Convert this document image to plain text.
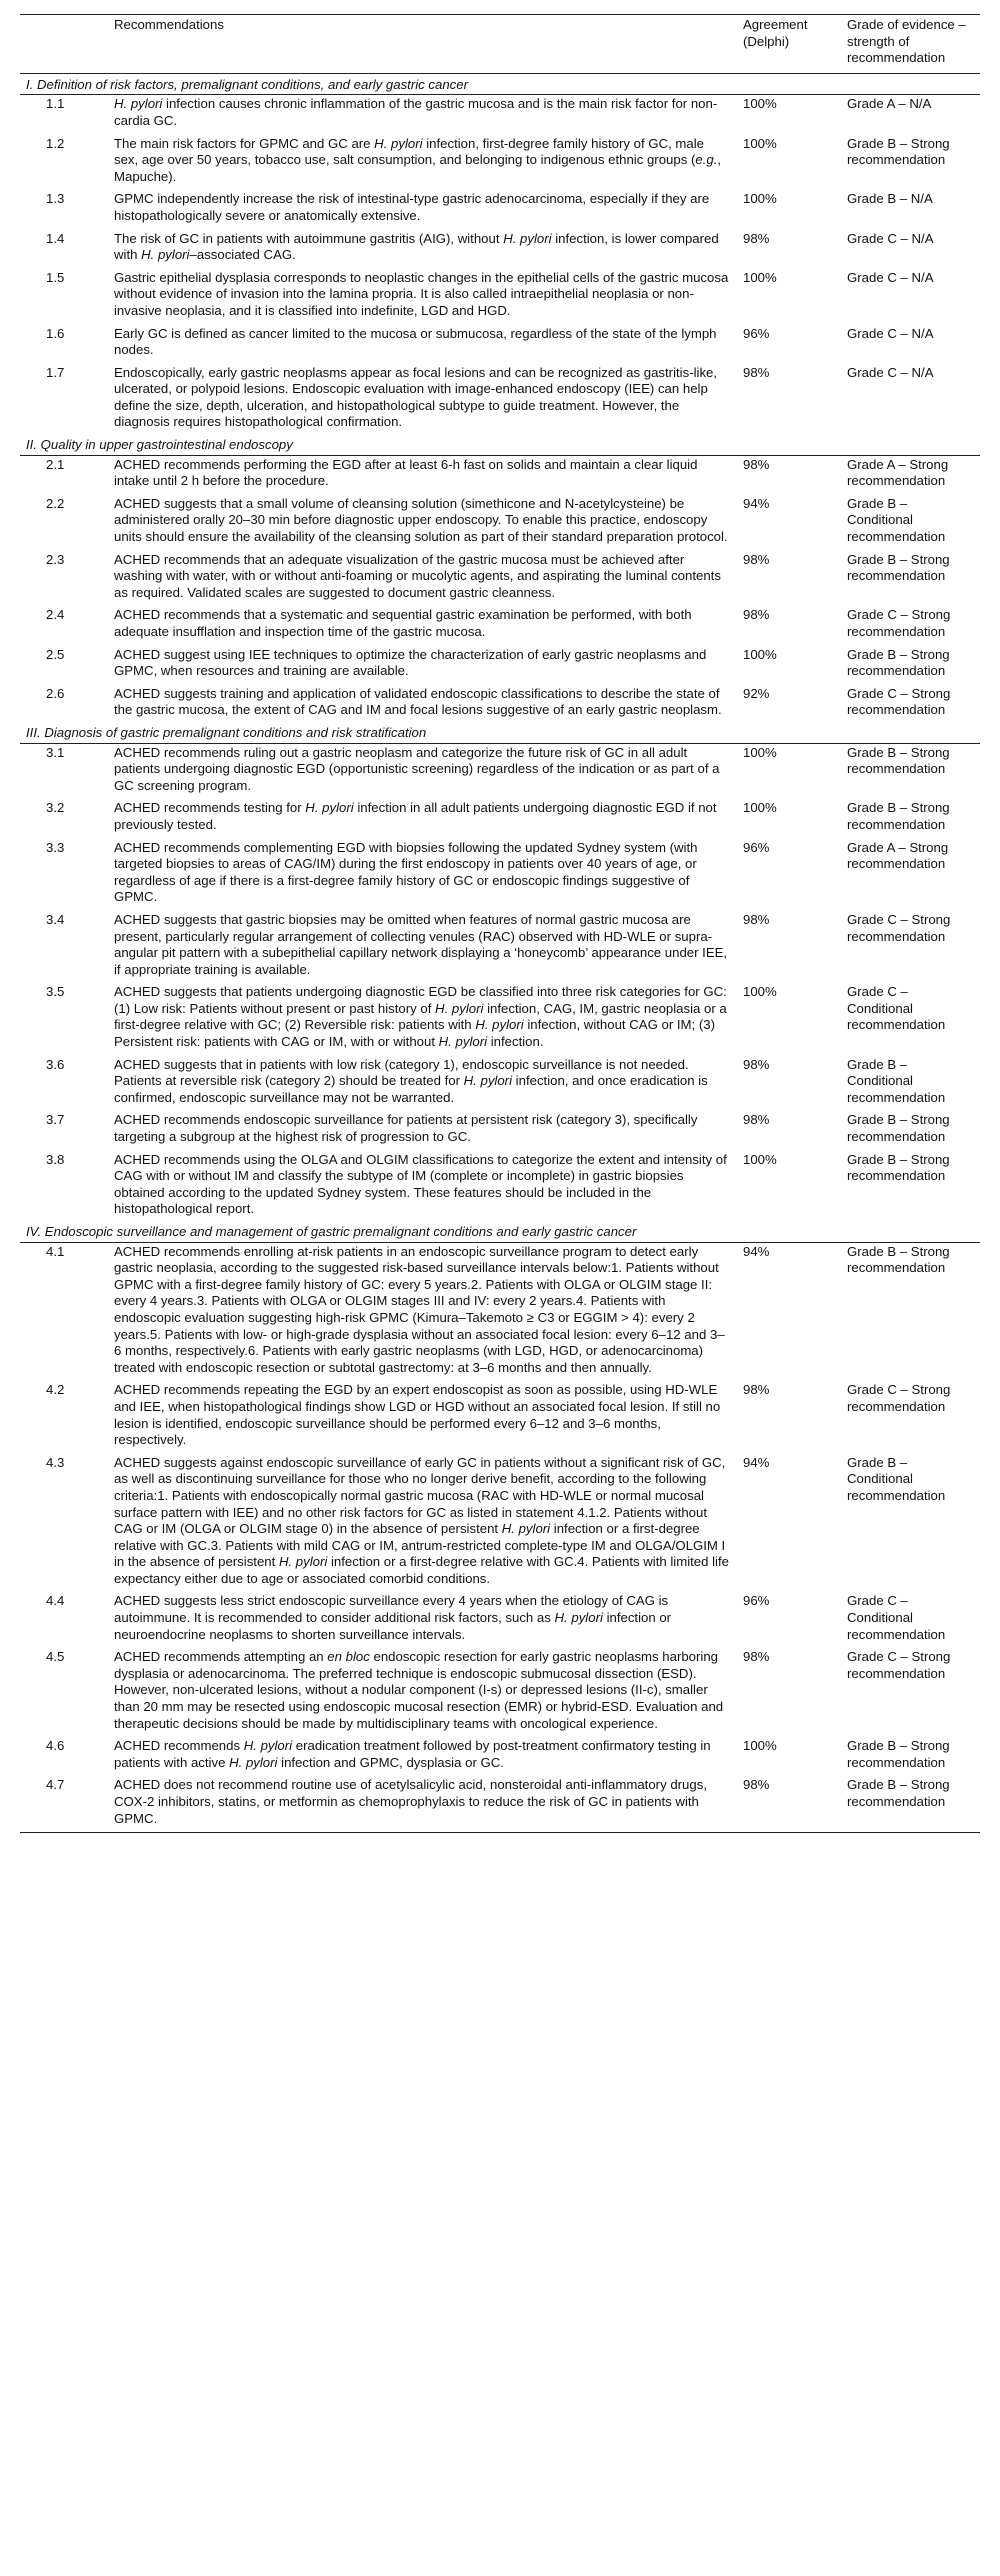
	Recommendations	Agreement (Delphi)	Grade of evidence – strength of recommendation
I. Definition of risk factors, premalignant conditions, and early gastric cancer			
1.1	H. pylori infection causes chronic inflammation of the gastric mucosa and is the main risk factor for non-cardia GC.	100%	Grade A – N/A
1.2	The main risk factors for GPMC and GC are H. pylori infection, first-degree family history of GC, male sex, age over 50 years, tobacco use, salt consumption, and belonging to indigenous ethnic groups (e.g., Mapuche).	100%	Grade B – Strong recommendation
1.3	GPMC independently increase the risk of intestinal-type gastric adenocarcinoma, especially if they are histopathologically severe or anatomically extensive.	100%	Grade B – N/A
1.4	The risk of GC in patients with autoimmune gastritis (AIG), without H. pylori infection, is lower compared with H. pylori–associated CAG.	98%	Grade C – N/A
1.5	Gastric epithelial dysplasia corresponds to neoplastic changes in the epithelial cells of the gastric mucosa without evidence of invasion into the lamina propria. It is also called intraepithelial neoplasia or non-invasive neoplasia, and it is classified into indefinite, LGD and HGD.	100%	Grade C – N/A
1.6	Early GC is defined as cancer limited to the mucosa or submucosa, regardless of the state of the lymph nodes.	96%	Grade C – N/A
1.7	Endoscopically, early gastric neoplasms appear as focal lesions and can be recognized as gastritis-like, ulcerated, or polypoid lesions. Endoscopic evaluation with image-enhanced endoscopy (IEE) can help define the size, depth, ulceration, and histopathological subtype to guide treatment. However, the diagnosis requires histopathological confirmation.	98%	Grade C – N/A
II. Quality in upper gastrointestinal endoscopy			
2.1	ACHED recommends performing the EGD after at least 6-h fast on solids and maintain a clear liquid intake until 2 h before the procedure.	98%	Grade A – Strong recommendation
2.2	ACHED suggests that a small volume of cleansing solution (simethicone and N-acetylcysteine) be administered orally 20–30 min before diagnostic upper endoscopy. To enable this practice, endoscopy units should ensure the availability of the cleansing solution as part of their standard preparation protocol.	94%	Grade B – Conditional recommendation
2.3	ACHED recommends that an adequate visualization of the gastric mucosa must be achieved after washing with water, with or without anti-foaming or mucolytic agents, and aspirating the luminal contents as required. Validated scales are suggested to document gastric cleanness.	98%	Grade B – Strong recommendation
2.4	ACHED recommends that a systematic and sequential gastric examination be performed, with both adequate insufflation and inspection time of the gastric mucosa.	98%	Grade C – Strong recommendation
2.5	ACHED suggest using IEE techniques to optimize the characterization of early gastric neoplasms and GPMC, when resources and training are available.	100%	Grade B – Strong recommendation
2.6	ACHED suggests training and application of validated endoscopic classifications to describe the state of the gastric mucosa, the extent of CAG and IM and focal lesions suggestive of an early gastric neoplasm.	92%	Grade C – Strong recommendation
III. Diagnosis of gastric premalignant conditions and risk stratification			
3.1	ACHED recommends ruling out a gastric neoplasm and categorize the future risk of GC in all adult patients undergoing diagnostic EGD (opportunistic screening) regardless of the indication or as part of a GC screening program.	100%	Grade B – Strong recommendation
3.2	ACHED recommends testing for H. pylori infection in all adult patients undergoing diagnostic EGD if not previously tested.	100%	Grade B – Strong recommendation
3.3	ACHED recommends complementing EGD with biopsies following the updated Sydney system (with targeted biopsies to areas of CAG/IM) during the first endoscopy in patients over 40 years of age, or regardless of age if there is a first-degree family history of GC or endoscopic findings suggestive of GPMC.	96%	Grade A – Strong recommendation
3.4	ACHED suggests that gastric biopsies may be omitted when features of normal gastric mucosa are present, particularly regular arrangement of collecting venules (RAC) observed with HD-WLE or supra-angular pit pattern with a subepithelial capillary network displaying a ‘honeycomb’ appearance under IEE, if appropriate training is available.	98%	Grade C – Strong recommendation
3.5	ACHED suggests that patients undergoing diagnostic EGD be classified into three risk categories for GC: (1) Low risk: Patients without present or past history of H. pylori infection, CAG, IM, gastric neoplasia or a first-degree relative with GC; (2) Reversible risk: patients with H. pylori infection, without CAG or IM; (3) Persistent risk: patients with CAG or IM, with or without H. pylori infection.	100%	Grade C – Conditional recommendation
3.6	ACHED suggests that in patients with low risk (category 1), endoscopic surveillance is not needed. Patients at reversible risk (category 2) should be treated for H. pylori infection, and once eradication is confirmed, endoscopic surveillance may not be warranted.	98%	Grade B – Conditional recommendation
3.7	ACHED recommends endoscopic surveillance for patients at persistent risk (category 3), specifically targeting a subgroup at the highest risk of progression to GC.	98%	Grade B – Strong recommendation
3.8	ACHED recommends using the OLGA and OLGIM classifications to categorize the extent and intensity of CAG with or without IM and classify the subtype of IM (complete or incomplete) in gastric biopsies obtained according to the updated Sydney system. These features should be included in the histopathological report.	100%	Grade B – Strong recommendation
IV. Endoscopic surveillance and management of gastric premalignant conditions and early gastric cancer			
4.1	ACHED recommends enrolling at-risk patients in an endoscopic surveillance program to detect early gastric neoplasia, according to the suggested risk-based surveillance intervals below:1. Patients without GPMC with a first-degree family history of GC: every 5 years.2. Patients with OLGA or OLGIM stage II: every 4 years.3. Patients with OLGA or OLGIM stages III and IV: every 2 years.4. Patients with endoscopic evaluation suggesting high-risk GPMC (Kimura–Takemoto ≥ C3 or EGGIM > 4): every 2 years.5. Patients with low- or high-grade dysplasia without an associated focal lesion: every 6–12 and 3–6 months, respectively.6. Patients with early gastric neoplasms (with LGD, HGD, or adenocarcinoma) treated with endoscopic resection or subtotal gastrectomy: at 3–6 months and then annually.	94%	Grade B – Strong recommendation
4.2	ACHED recommends repeating the EGD by an expert endoscopist as soon as possible, using HD-WLE and IEE, when histopathological findings show LGD or HGD without an associated focal lesion. If still no lesion is identified, endoscopic surveillance should be performed every 6–12 and 3–6 months, respectively.	98%	Grade C – Strong recommendation
4.3	ACHED suggests against endoscopic surveillance of early GC in patients without a significant risk of GC, as well as discontinuing surveillance for those who no longer derive benefit, according to the following criteria:1. Patients with endoscopically normal gastric mucosa (RAC with HD-WLE or normal mucosal surface pattern with IEE) and no other risk factors for GC as listed in statement 4.1.2. Patients without CAG or IM (OLGA or OLGIM stage 0) in the absence of persistent H. pylori infection or a first-degree relative with GC.3. Patients with mild CAG or IM, antrum-restricted complete-type IM and OLGA/OLGIM I in the absence of persistent H. pylori infection or a first-degree relative with GC.4. Patients with limited life expectancy either due to age or associated comorbid conditions.	94%	Grade B – Conditional recommendation
4.4	ACHED suggests less strict endoscopic surveillance every 4 years when the etiology of CAG is autoimmune. It is recommended to consider additional risk factors, such as H. pylori infection or neuroendocrine neoplasms to shorten surveillance intervals.	96%	Grade C – Conditional recommendation
4.5	ACHED recommends attempting an en bloc endoscopic resection for early gastric neoplasms harboring dysplasia or adenocarcinoma. The preferred technique is endoscopic submucosal dissection (ESD). However, non-ulcerated lesions, without a nodular component (I-s) or depressed lesions (II-c), smaller than 20 mm may be resected using endoscopic mucosal resection (EMR) or hybrid-ESD. Evaluation and therapeutic decisions should be made by multidisciplinary teams with oncological experience.	98%	Grade C – Strong recommendation
4.6	ACHED recommends H. pylori eradication treatment followed by post-treatment confirmatory testing in patients with active H. pylori infection and GPMC, dysplasia or GC.	100%	Grade B – Strong recommendation
4.7	ACHED does not recommend routine use of acetylsalicylic acid, nonsteroidal anti-inflammatory drugs, COX-2 inhibitors, statins, or metformin as chemoprophylaxis to reduce the risk of GC in patients with GPMC.	98%	Grade B – Strong recommendation
